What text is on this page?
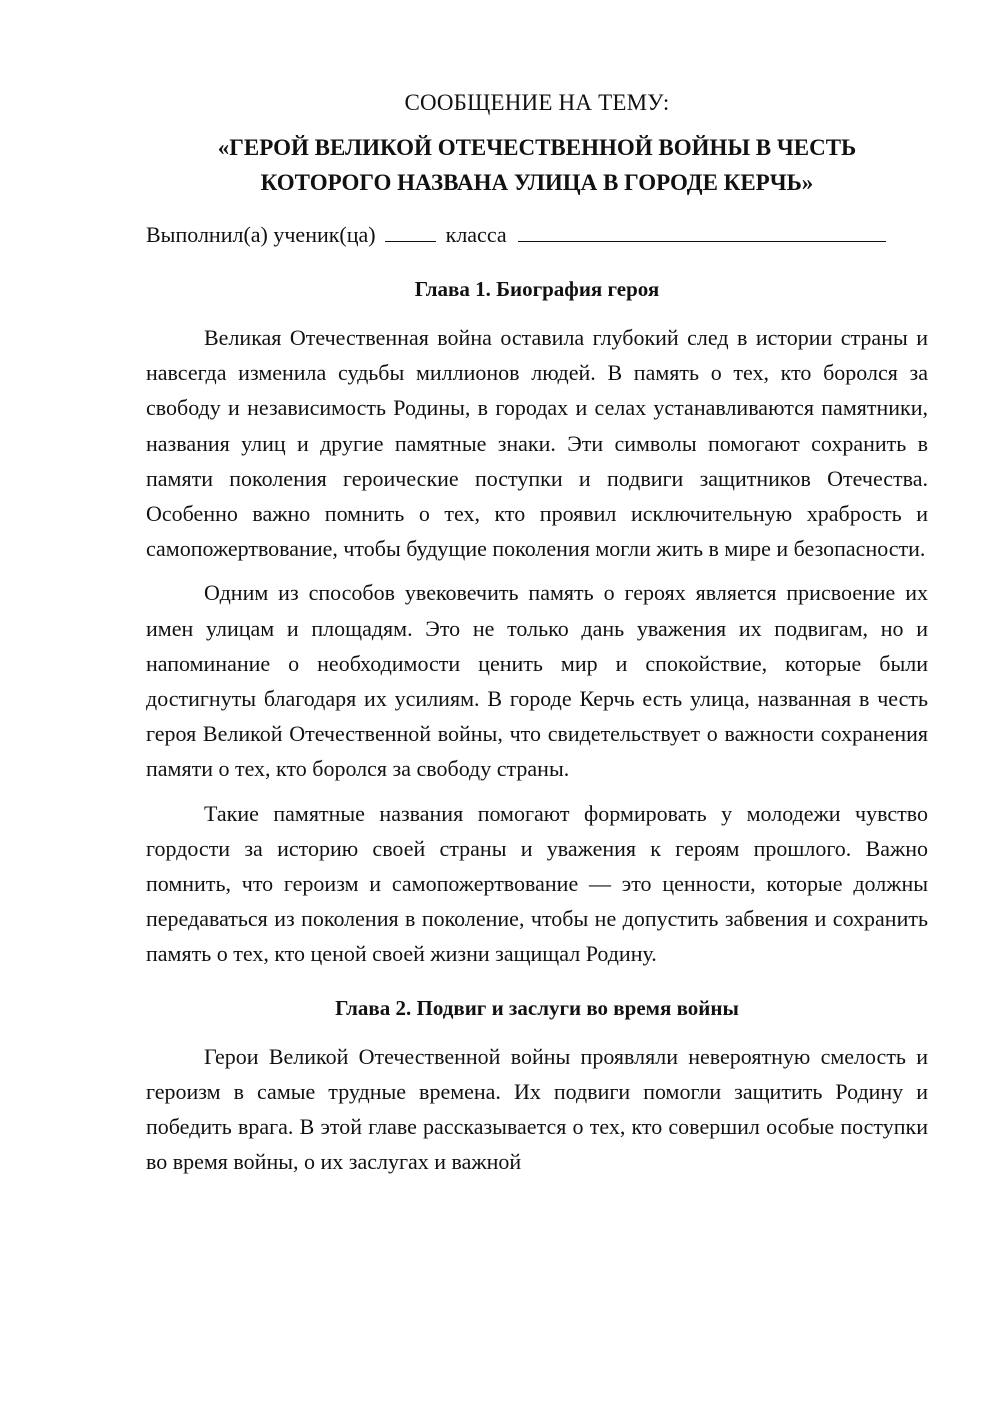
СООБЩЕНИЕ НА ТЕМУ:
«ГЕРОЙ ВЕЛИКОЙ ОТЕЧЕСТВЕННОЙ ВОЙНЫ В ЧЕСТЬ
КОТОРОГО НАЗВАНА УЛИЦА В ГОРОДЕ КЕРЧЬ»
Выполнил(а) ученик(ца)	класса
Глава 1. Биография героя

Великая Отечественная война оставила глубокий след в истории страны и навсегда изменила судьбы миллионов людей. В память о тех, кто боролся за свободу и независимость Родины, в городах и селах устанавливаются памятники, названия улиц и другие памятные знаки. Эти символы помогают сохранить в памяти поколения героические поступки и подвиги защитников Отечества. Особенно важно помнить о тех, кто проявил исключительную храбрость и самопожертвование, чтобы будущие поколения могли жить в мире и безопасности.

Одним из способов увековечить память о героях является присвоение их имен улицам и площадям. Это не только дань уважения их подвигам, но и напоминание о необходимости ценить мир и спокойствие, которые были достигнуты благодаря их усилиям. В городе Керчь есть улица, названная в честь героя Великой Отечественной войны, что свидетельствует о важности сохранения памяти о тех, кто боролся за свободу страны.

Такие памятные названия помогают формировать у молодежи чувство гордости за историю своей страны и уважения к героям прошлого. Важно помнить, что героизм и самопожертвование — это ценности, которые должны передаваться из поколения в поколение, чтобы не допустить забвения и сохранить память о тех, кто ценой своей жизни защищал Родину.

Глава 2. Подвиг и заслуги во время войны

Герои Великой Отечественной войны проявляли невероятную смелость и героизм в самые трудные времена. Их подвиги помогли защитить Родину и победить врага. В этой главе рассказывается о тех, кто совершил особые поступки во время войны, о их заслугах и важной
